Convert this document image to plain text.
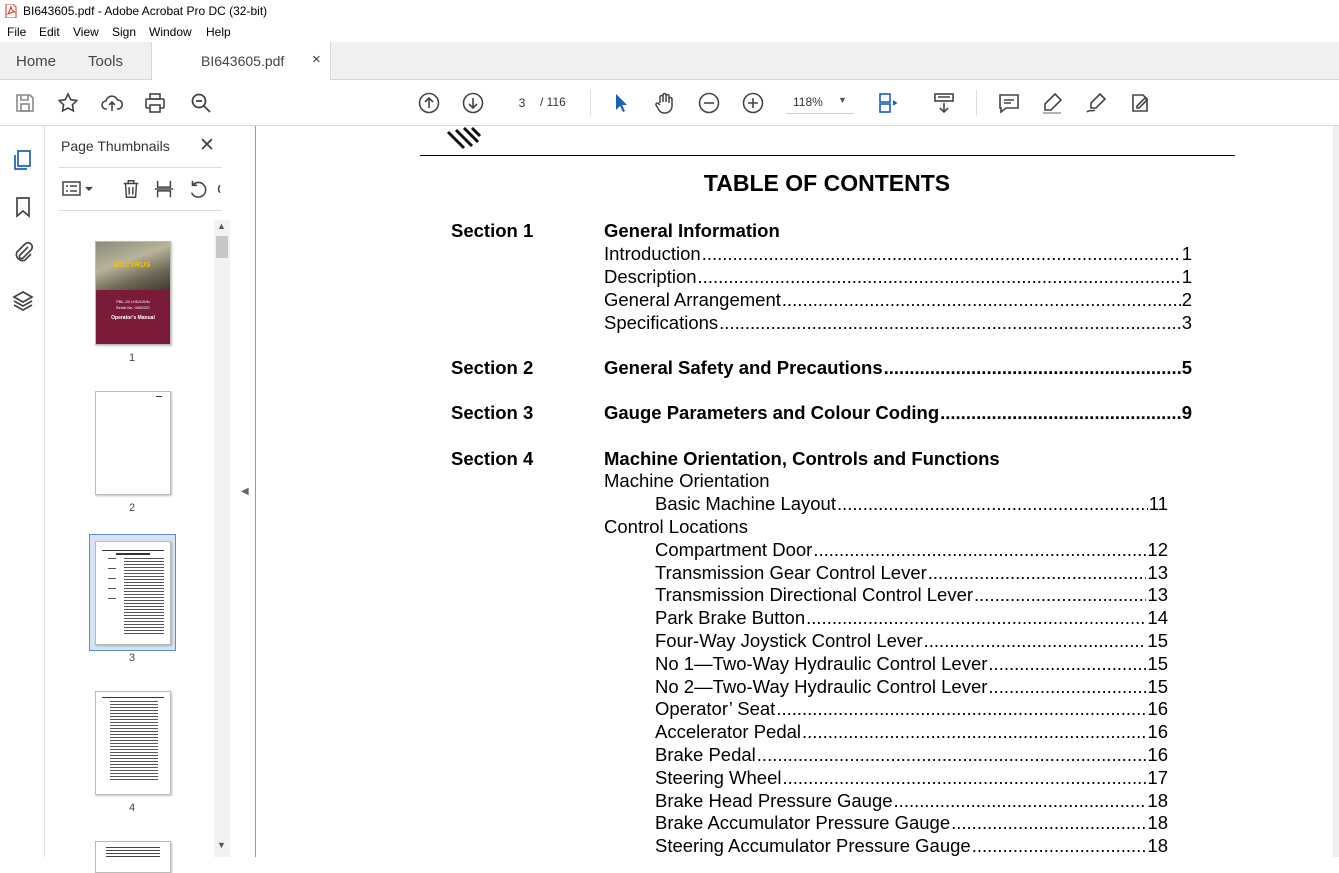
BI643605.pdf - Adobe Acrobat Pro DC (32-bit)
File Edit View Sign Window Help
Home Tools	BI643605.pdf ×
3
/ 116	118% ▼
Page Thumbnails ✕
BUCYRUS
PBL-15 LHD/UX/fu
Serial No. 0000237
Operator's Manual
1
2
3
4
▲
▼
◀
TABLE OF CONTENTS
Section 1	General Information
Introduction .....	1
Description .....	1
General Arrangement .....	2
Specifications .....	3
Section 2	General Safety and Precautions .....	5
Section 3	Gauge Parameters and Colour Coding .....	9
Section 4	Machine Orientation, Controls and Functions
Machine Orientation
Basic Machine Layout .....	11
Control Locations
Compartment Door .....	12
Transmission Gear Control Lever .....	13
Transmission Directional Control Lever .....	13
Park Brake Button .....	14
Four-Way Joystick Control Lever .....	15
No 1—Two-Way Hydraulic Control Lever .....	15
No 2—Two-Way Hydraulic Control Lever .....	15
Operator’ Seat .....	16
Accelerator Pedal .....	16
Brake Pedal .....	16
Steering Wheel .....	17
Brake Head Pressure Gauge .....	18
Brake Accumulator Pressure Gauge .....	18
Steering Accumulator Pressure Gauge .....	18
